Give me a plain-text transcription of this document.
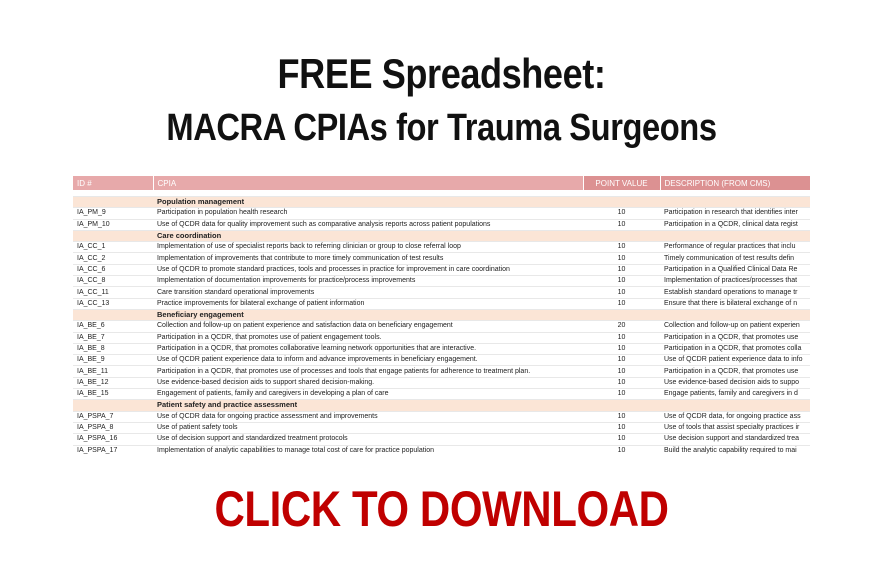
FREE Spreadsheet:
MACRA CPIAs for Trauma Surgeons
ID #	CPIA	POINT VALUE	DESCRIPTION (FROM CMS)

	Population management		
IA_PM_9	Participation in population health research	10	Participation in research that identifies inter
IA_PM_10	Use of QCDR data for quality improvement such as comparative analysis reports across patient populations	10	Participation in a QCDR, clinical data regist
	Care coordination		
IA_CC_1	Implementation of use of specialist reports back to referring clinician or group to close referral loop	10	Performance of regular practices that inclu
IA_CC_2	Implementation of improvements that contribute to more timely communication of test results	10	Timely communication of test results defin
IA_CC_6	Use of QCDR to promote standard practices, tools and processes in practice for improvement in care coordination	10	Participation in a Qualified Clinical Data Re
IA_CC_8	Implementation of documentation improvements for practice/process improvements	10	Implementation of practices/processes that
IA_CC_11	Care transition standard operational improvements	10	Establish standard operations to manage tr
IA_CC_13	Practice improvements for bilateral exchange of patient information	10	Ensure that there is bilateral exchange of n
	Beneficiary engagement		
IA_BE_6	Collection and follow-up on patient experience and satisfaction data on beneficiary engagement	20	Collection and follow-up on patient experien
IA_BE_7	Participation in a QCDR, that promotes use of patient engagement tools.	10	Participation in a QCDR, that promotes use
IA_BE_8	Participation in a QCDR, that promotes collaborative learning network opportunities that are interactive.	10	Participation in a QCDR, that promotes colla
IA_BE_9	Use of QCDR patient experience data to inform and advance improvements in beneficiary engagement.	10	Use of QCDR patient experience data to info
IA_BE_11	Participation in a QCDR, that promotes use of processes and tools that engage patients for adherence to treatment plan.	10	Participation in a QCDR, that promotes use
IA_BE_12	Use evidence-based decision aids to support shared decision-making.	10	Use evidence-based decision aids to suppo
IA_BE_15	Engagement of patients, family and caregivers in developing a plan of care	10	Engage patients, family and caregivers in d
	Patient safety and practice assessment		
IA_PSPA_7	Use of QCDR data for ongoing practice assessment and improvements	10	Use of QCDR data, for ongoing practice ass
IA_PSPA_8	Use of patient safety tools	10	Use of tools that assist specialty practices ir
IA_PSPA_16	Use of decision support and standardized treatment protocols	10	Use decision support and standardized trea
IA_PSPA_17	Implementation of analytic capabilities to manage total cost of care for practice population	10	Build the analytic capability required to mai
CLICK TO DOWNLOAD
